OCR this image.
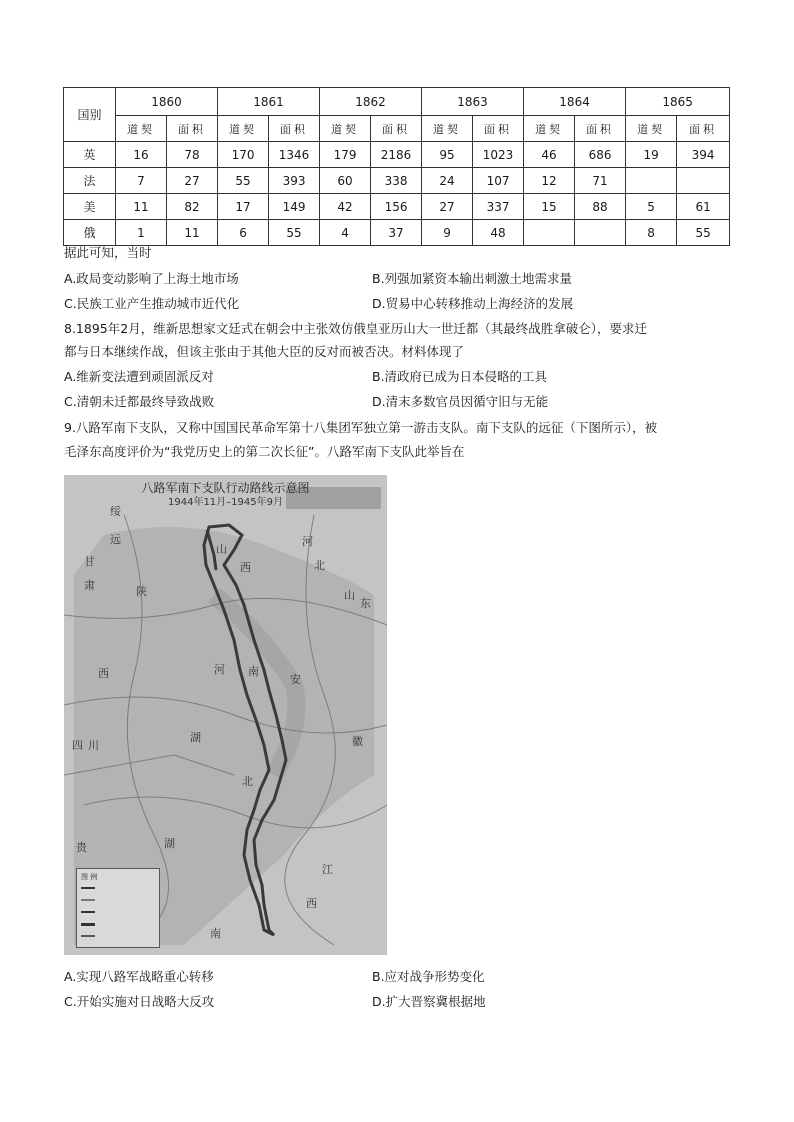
国别	1860		1861		1862		1863		1864		1865	
	道契	面积	道契	面积	道契	面积	道契	面积	道契	面积	道契	面积
英	16	78	170	1346	179	2186	95	1023	46	686	19	394
法	7	27	55	393	60	338	24	107	12	71		
美	11	82	17	149	42	156	27	337	15	88	5	61
俄	1	11	6	55	4	37	9	48			8	55
据此可知，当时
A.政局变动影响了上海土地市场	B.列强加紧资本输出刺激土地需求量
C.民族工业产生推动城市近代化	D.贸易中心转移推动上海经济的发展
8.1895年2月，维新思想家文廷式在朝会中主张效仿俄皇亚历山大一世迁都（其最终战胜拿破仑），要求迁
都与日本继续作战，但该主张由于其他大臣的反对而被否决。材料体现了
A.维新变法遭到顽固派反对	B.清政府已成为日本侵略的工具
C.清朝未迁都最终导致战败	D.清末多数官员因循守旧与无能
9.八路军南下支队，又称中国国民革命军第十八集团军独立第一游击支队。南下支队的远征（下图所示），被
毛泽东高度评价为“我党历史上的第二次长征”。八路军南下支队此举旨在
八路军南下支队行动路线示意图
1944年11月–1945年9月
绥
远
山
西
河
北
山
东
甘
肃	陕
西	安
河 南
四 川
湖
北
徽
贵	湖
南
江
西
图 例
A.实现八路军战略重心转移	B.应对战争形势变化
C.开始实施对日战略大反攻	D.扩大晋察冀根据地
